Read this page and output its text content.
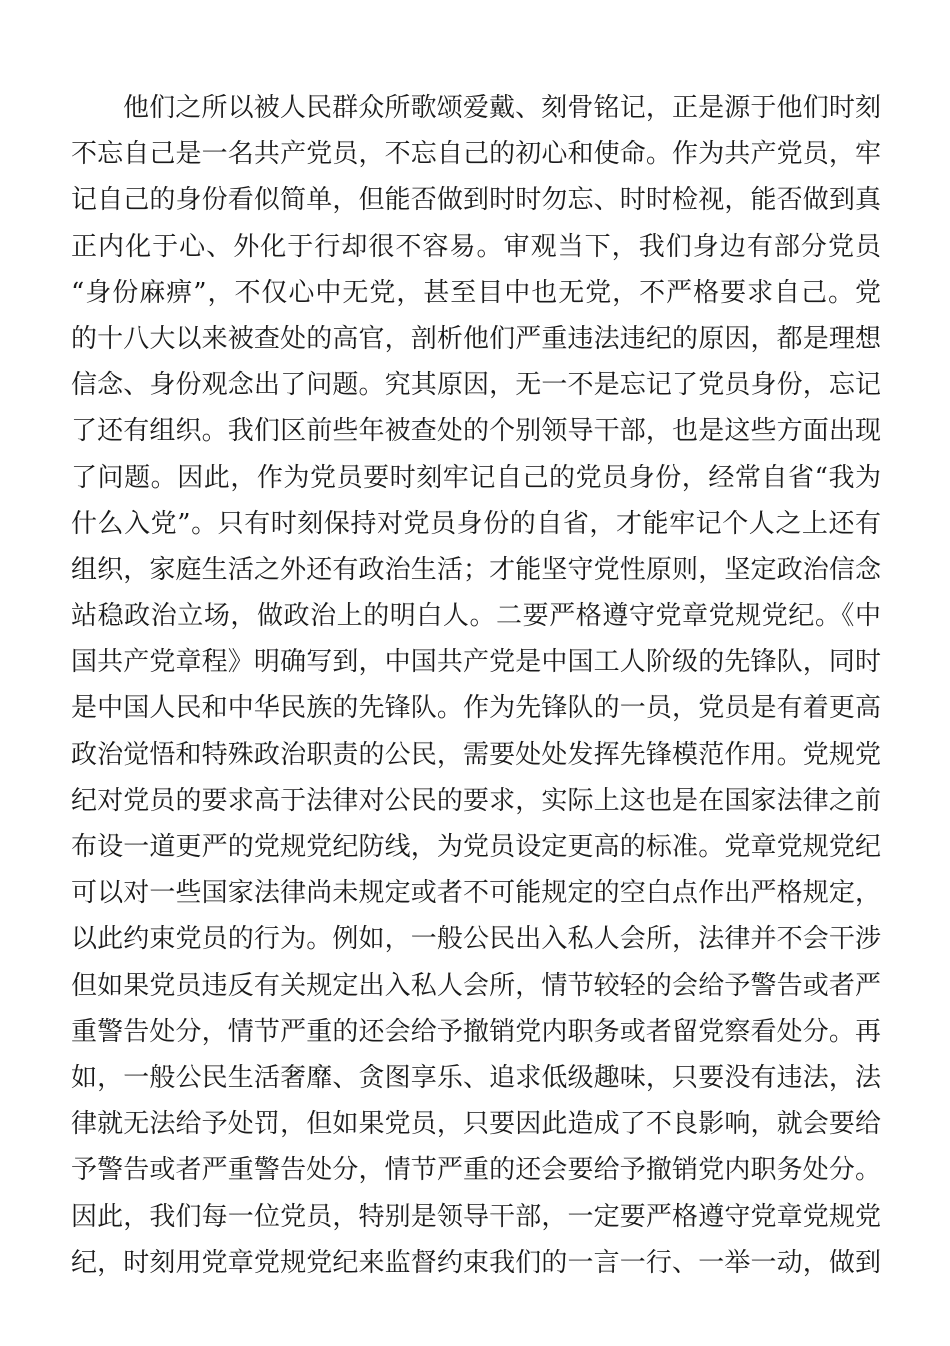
他们之所以被人民群众所歌颂爱戴、刻骨铭记，正是源于他们时刻
不忘自己是一名共产党员，不忘自己的初心和使命。作为共产党员，牢
记自己的身份看似简单，但能否做到时时勿忘、时时检视，能否做到真
正内化于心、外化于行却很不容易。审观当下，我们身边有部分党员
“身份麻痹”，不仅心中无党，甚至目中也无党，不严格要求自己。党
的十八大以来被查处的高官，剖析他们严重违法违纪的原因，都是理想
信念、身份观念出了问题。究其原因，无一不是忘记了党员身份，忘记
了还有组织。我们区前些年被查处的个别领导干部，也是这些方面出现
了问题。因此，作为党员要时刻牢记自己的党员身份，经常自省“我为
什么入党”。只有时刻保持对党员身份的自省，才能牢记个人之上还有
组织，家庭生活之外还有政治生活；才能坚守党性原则，坚定政治信念
站稳政治立场，做政治上的明白人。二要严格遵守党章党规党纪。《中
国共产党章程》明确写到，中国共产党是中国工人阶级的先锋队，同时
是中国人民和中华民族的先锋队。作为先锋队的一员，党员是有着更高
政治觉悟和特殊政治职责的公民，需要处处发挥先锋模范作用。党规党
纪对党员的要求高于法律对公民的要求，实际上这也是在国家法律之前
布设一道更严的党规党纪防线，为党员设定更高的标准。党章党规党纪
可以对一些国家法律尚未规定或者不可能规定的空白点作出严格规定，
以此约束党员的行为。例如，一般公民出入私人会所，法律并不会干涉
但如果党员违反有关规定出入私人会所，情节较轻的会给予警告或者严
重警告处分，情节严重的还会给予撤销党内职务或者留党察看处分。再
如，一般公民生活奢靡、贪图享乐、追求低级趣味，只要没有违法，法
律就无法给予处罚，但如果党员，只要因此造成了不良影响，就会要给
予警告或者严重警告处分，情节严重的还会要给予撤销党内职务处分。
因此，我们每一位党员，特别是领导干部，一定要严格遵守党章党规党
纪，时刻用党章党规党纪来监督约束我们的一言一行、一举一动，做到
